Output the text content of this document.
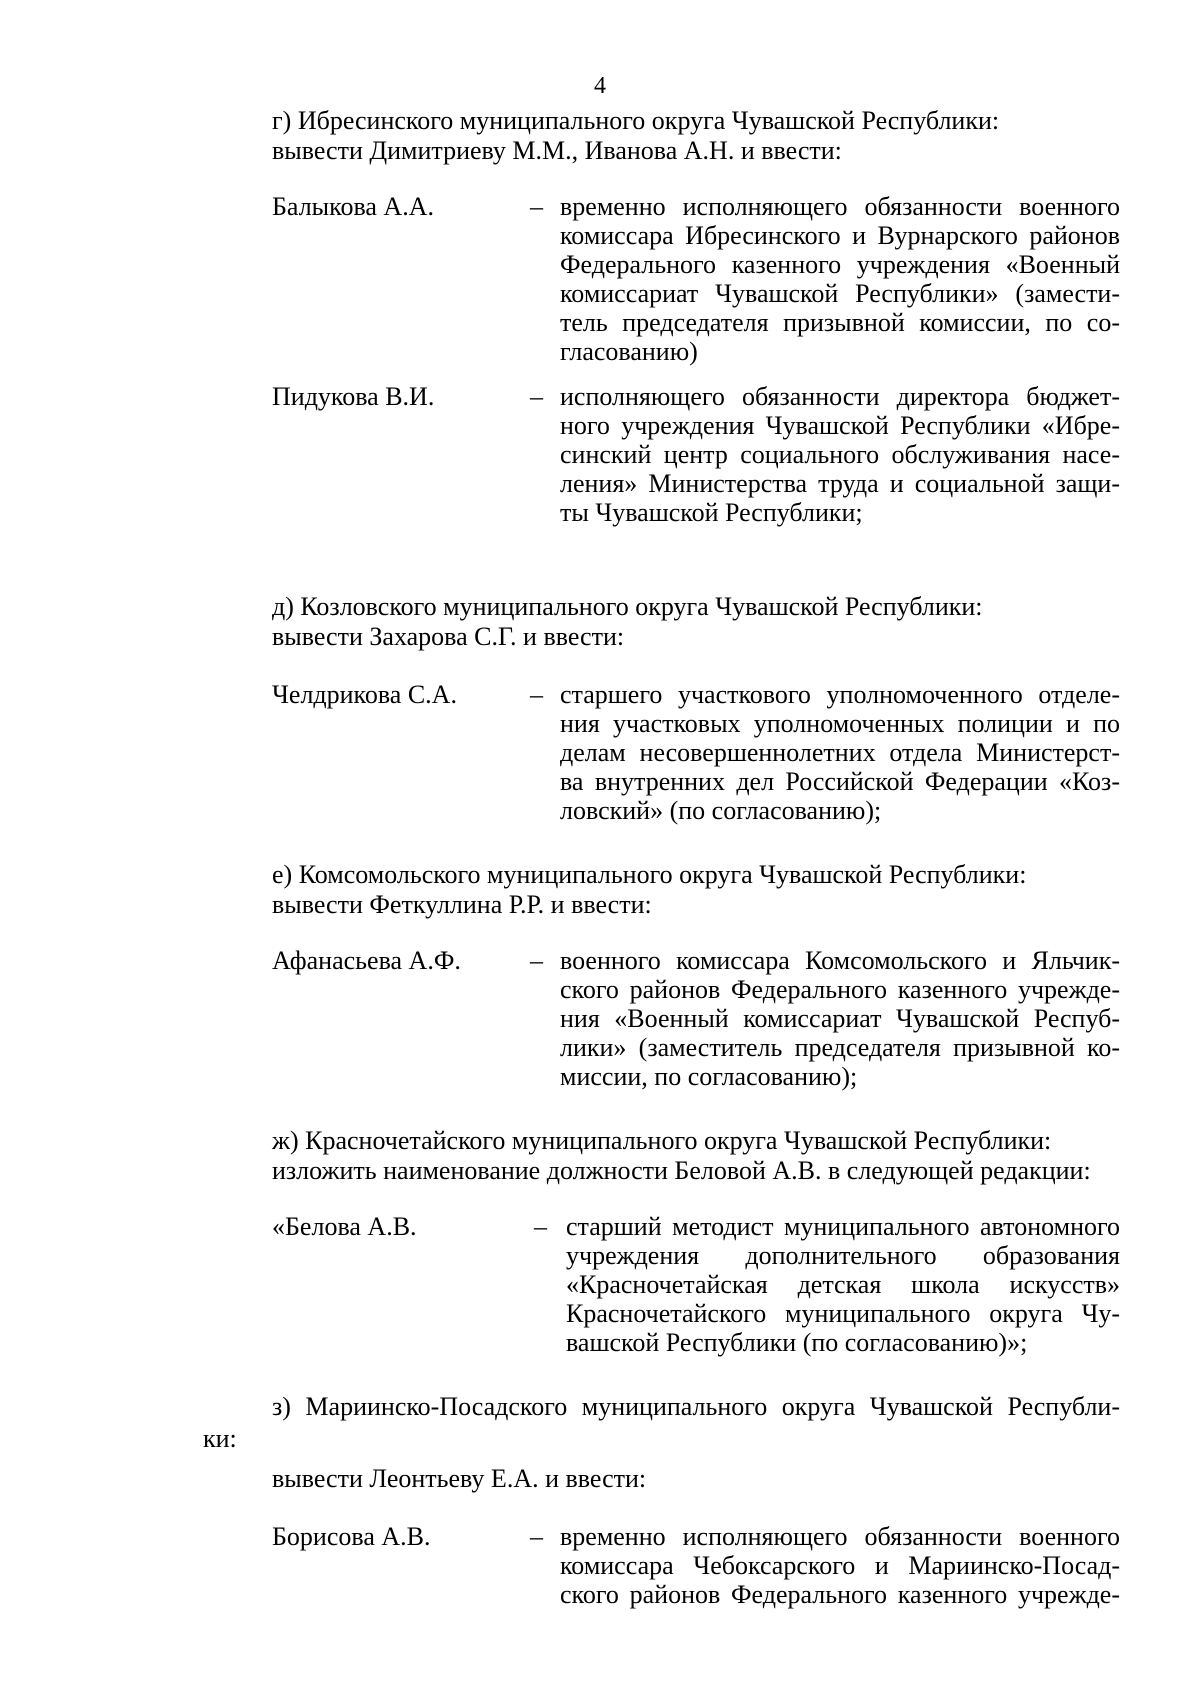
4
г) Ибресинского муниципального округа Чувашской Республики:
вывести Димитриеву М.М., Иванова А.Н. и ввести:
Балыкова А.А.	– временно исполняющего обязанности военного

комиссара Ибресинского и Вурнарского районов

Федерального казенного учреждения «Военный

комиссариат Чувашской Республики» (замести-

тель председателя призывной комиссии, по со-

гласованию)

Пидукова В.И.	– исполняющего обязанности директора бюджет-

ного учреждения Чувашской Республики «Ибре-

синский центр социального обслуживания насе-

ления» Министерства труда и социальной защи-

ты Чувашской Республики;

д) Козловского муниципального округа Чувашской Республики:
вывести Захарова С.Г. и ввести:
Челдрикова С.А.	– старшего участкового уполномоченного отделе-

ния участковых уполномоченных полиции и по

делам несовершеннолетних отдела Министерст-

ва внутренних дел Российской Федерации «Коз-

ловский» (по согласованию);

е) Комсомольского муниципального округа Чувашской Республики:
вывести Феткуллина Р.Р. и ввести:
Афанасьева А.Ф.	– военного комиссара Комсомольского и Яльчик-

ского районов Федерального казенного учрежде-

ния «Военный комиссариат Чувашской Респуб-

лики» (заместитель председателя призывной ко-

миссии, по согласованию);

ж) Красночетайского муниципального округа Чувашской Республики:
изложить наименование должности Беловой А.В. в следующей редакции:
«Белова А.В.	– старший методист муниципального автономного

учреждения дополнительного образования

«Красночетайская детская школа искусств»

Красночетайского муниципального округа Чу-

вашской Республики (по согласованию)»;

з) Мариинско-Посадского муниципального округа Чувашской Республи-
ки:
вывести Леонтьеву Е.А. и ввести:
Борисова А.В.	– временно исполняющего обязанности военного

комиссара Чебоксарского и Мариинско-Посад-

ского районов Федерального казенного учрежде-
